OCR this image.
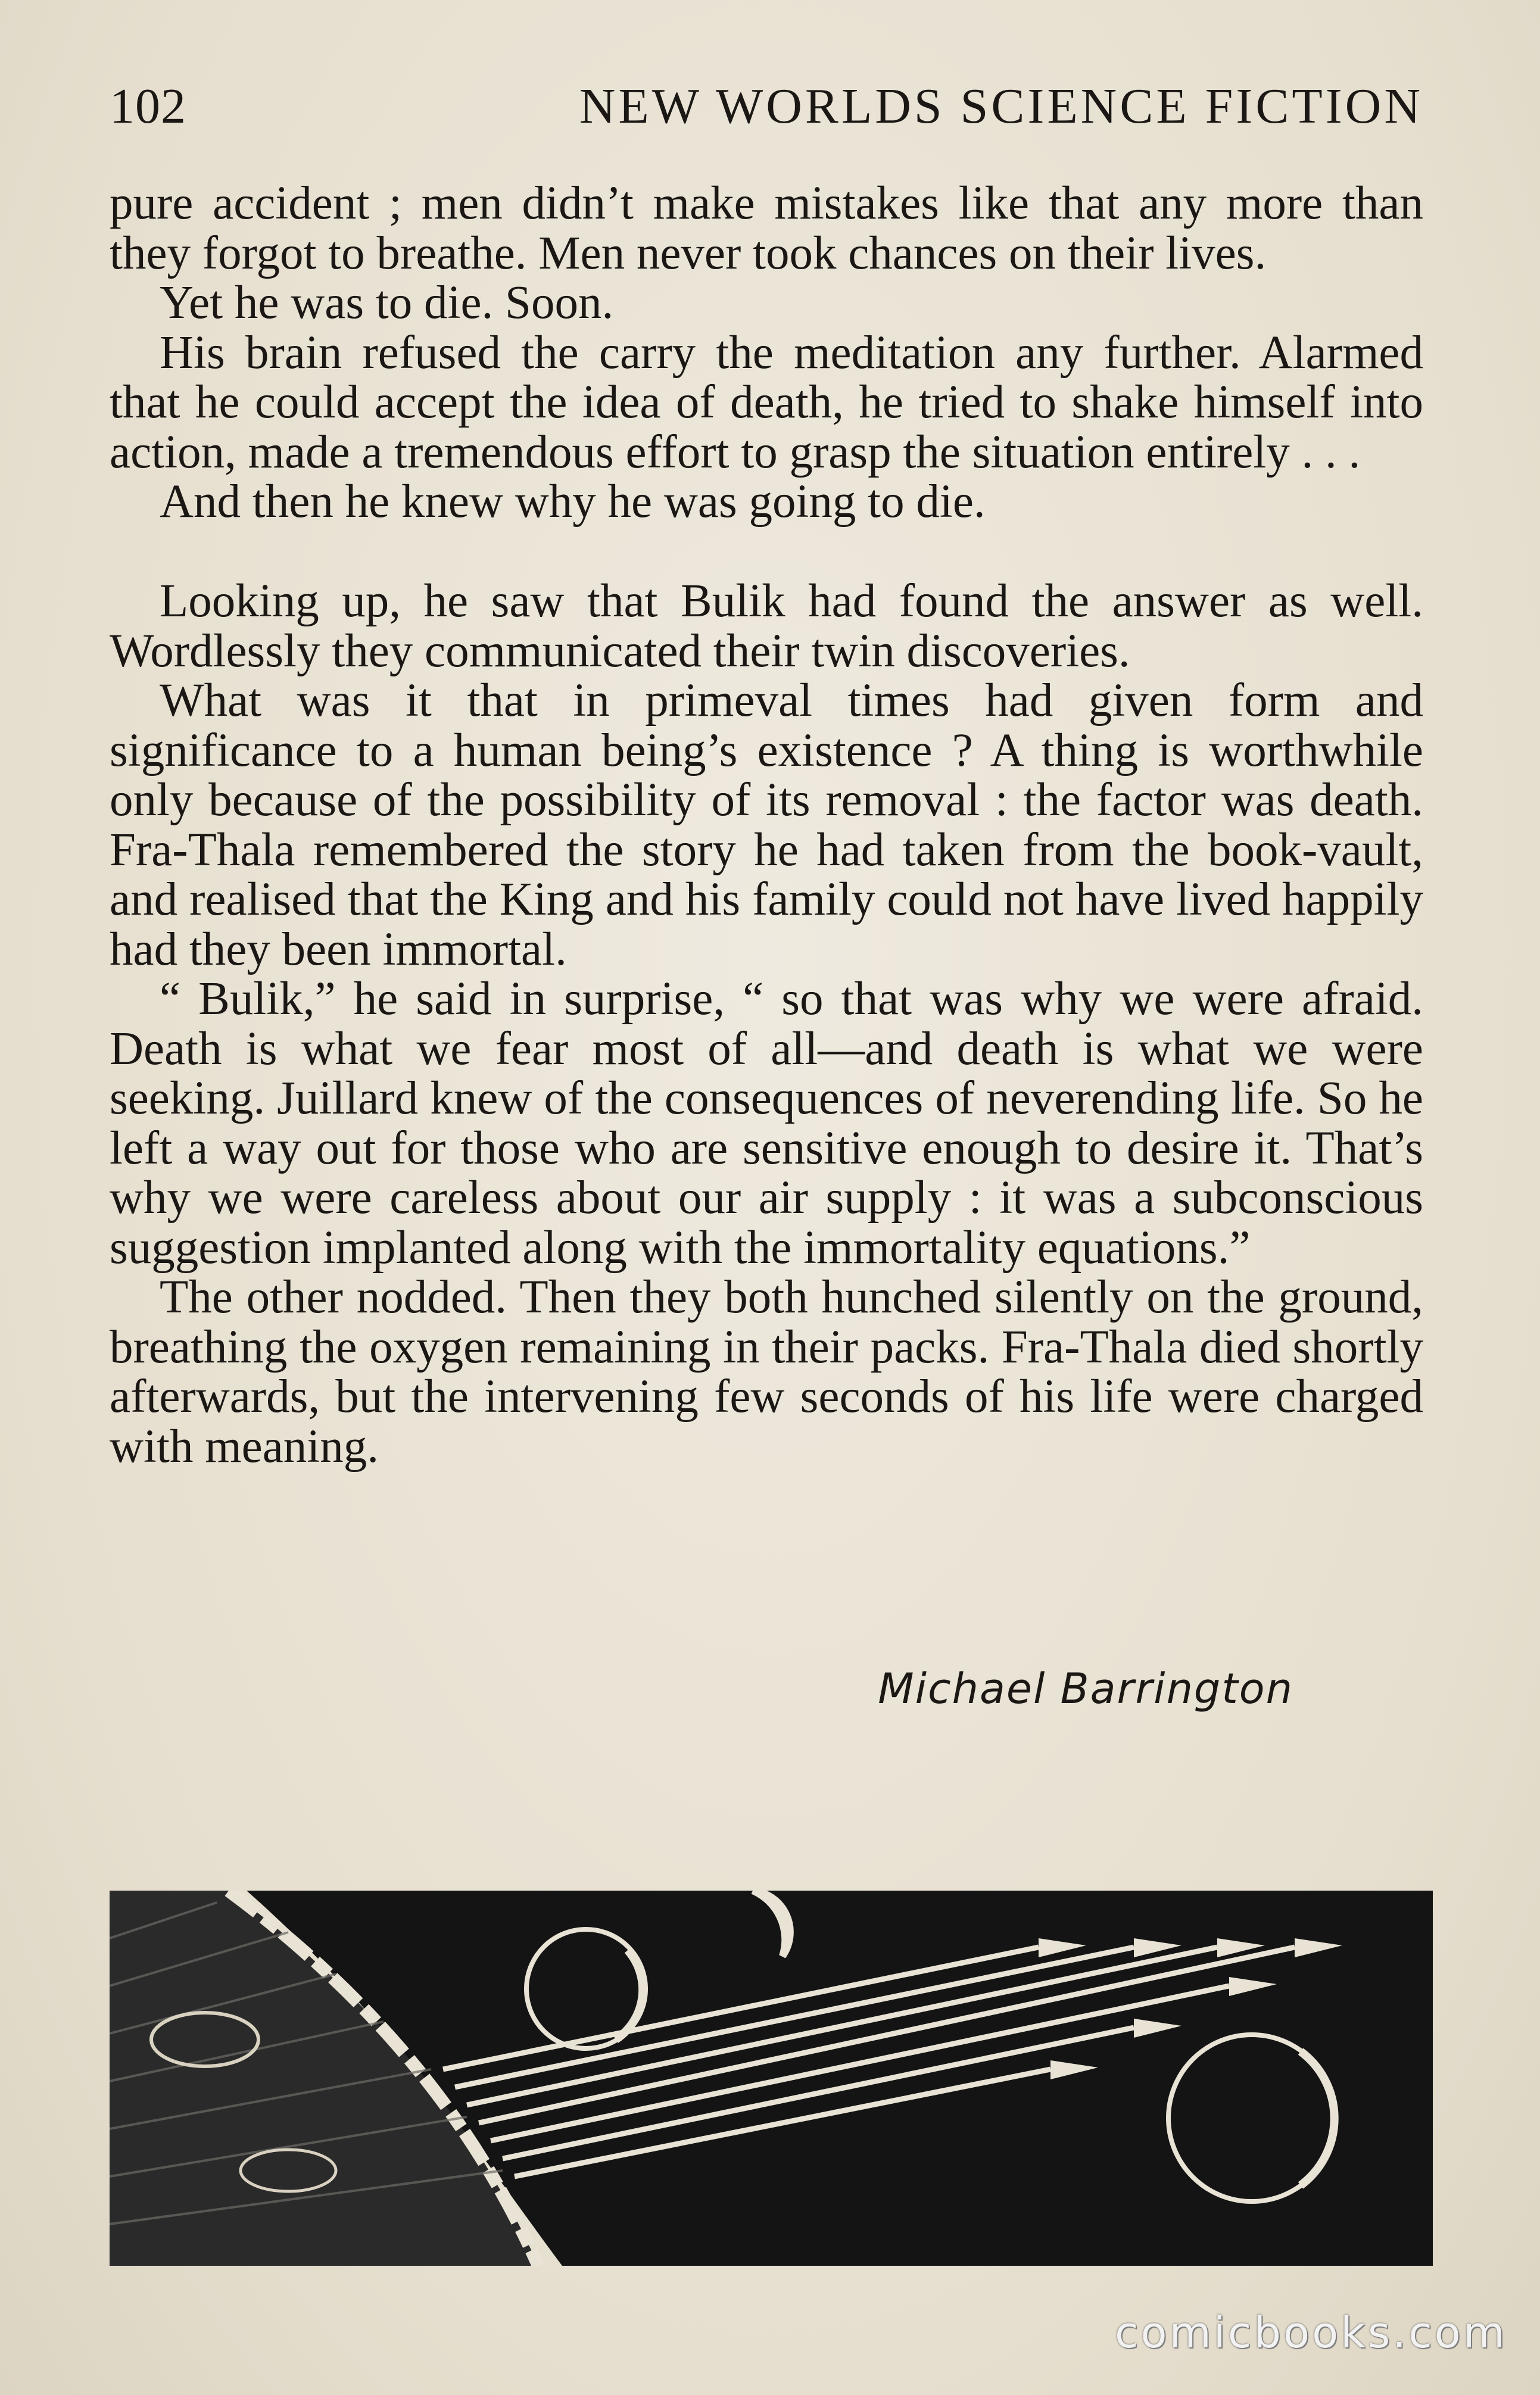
102	NEW WORLDS SCIENCE FICTION

pure accident ; men didn’t make mistakes like that any more than they forgot to breathe. Men never took chances on their lives.

Yet he was to die. Soon.

His brain refused the carry the meditation any further. Alarmed that he could accept the idea of death, he tried to shake himself into action, made a tremendous effort to grasp the situation entirely . . .

And then he knew why he was going to die.

Looking up, he saw that Bulik had found the answer as well. Wordlessly they communicated their twin discoveries.

What was it that in primeval times had given form and significance to a human being’s existence ? A thing is worthwhile only because of the possibility of its removal : the factor was death. Fra-Thala remembered the story he had taken from the book-vault, and realised that the King and his family could not have lived happily had they been immortal.

“ Bulik,” he said in surprise, “ so that was why we were afraid. Death is what we fear most of all—and death is what we were seeking. Juillard knew of the consequences of neverending life. So he left a way out for those who are sensitive enough to desire it. That’s why we were careless about our air supply : it was a subconscious suggestion implanted along with the immortality equations.”

The other nodded. Then they both hunched silently on the ground, breathing the oxygen remaining in their packs. Fra-Thala died shortly afterwards, but the intervening few seconds of his life were charged with meaning.

Michael Barrington
comicbooks.com
